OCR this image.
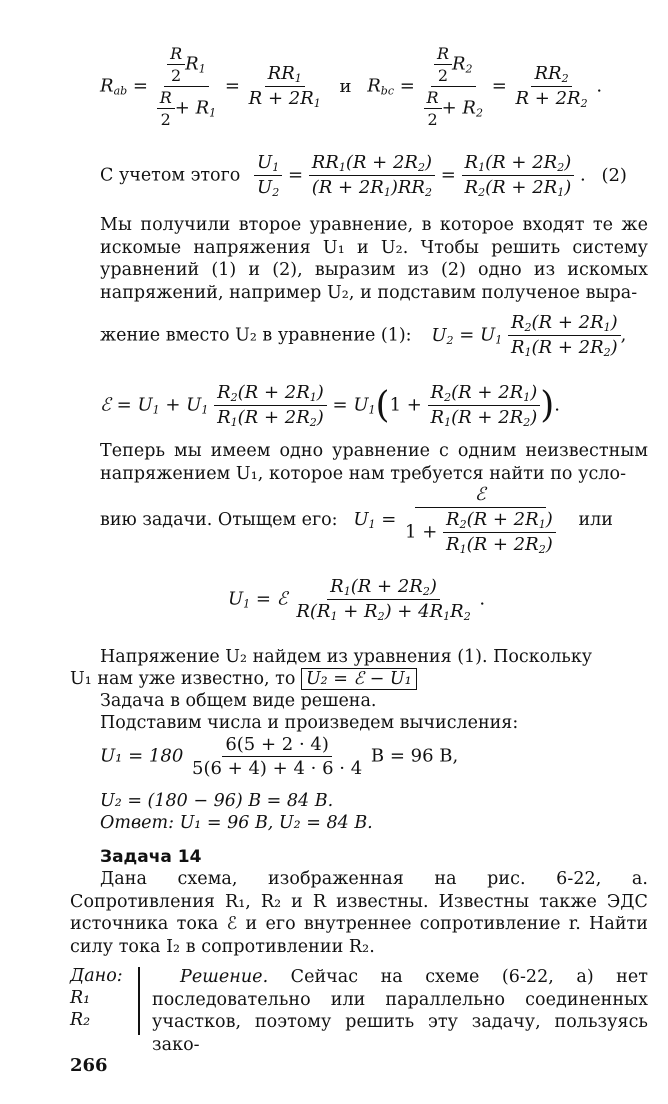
$R_{ab} = \frac{\frac{R}{2} R_1}{\frac{R}{2} + R_1} = \frac{RR_1}{R + 2R_1}$ и $R_{bc} = \frac{\frac{R}{2} R_2}{\frac{R}{2} + R_2} = \frac{RR_2}{R + 2R_2}$ .
С учетом этого $\frac{U_1}{U_2} = \frac{RR_1(R + 2R_2)}{(R + 2R_1)RR_2} = \frac{R_1(R + 2R_2)}{R_2(R + 2R_1)}$ . (2)
Мы получили второе уравнение, в которое входят те же искомые напряжения U₁ и U₂. Чтобы решить систему уравнений (1) и (2), выразим из (2) одно из искомых напряжений, например U₂, и подставим полученое выра-
жение вместо U₂ в уравнение (1): $U_2 = U_1 \frac{R_2(R + 2R_1)}{R_1(R + 2R_2)}$ ,
ℰ = $U_1 + U_1 \frac{R_2(R + 2R_1)}{R_1(R + 2R_2)} = U_1(1 + \frac{R_2(R + 2R_1)}{R_1(R + 2R_2)}$ ).
Теперь мы имеем одно уравнение с одним неизвестным напряжением U₁, которое нам требуется найти по усло-
вию задачи. Отыщем его: $U_1 = \frac{\text{ℰ}}{1 + \frac{R_2(R + 2R_1)}{R_1(R + 2R_2)}}$ или
$U_1$ = ℰ $\frac{R_1(R + 2R_2)}{R(R_1 + R_2) + 4R_1R_2}$ .
Напряжение U₂ найдем из уравнения (1). Поскольку
U₁ нам уже известно, то U₂ = ℰ − U₁
Задача в общем виде решена.
Подставим числа и произведем вычисления:
$U_1 = 180 \frac{6(5 + 2 \cdot 4)}{5(6 + 4) + 4 \cdot 6 \cdot 4}$ В = 96 В,
U₂ = (180 − 96) В = 84 В.
Ответ: U₁ = 96 В, U₂ = 84 В.
Задача 14
Дана схема, изображенная на рис. 6-22, а. Сопротивления R₁, R₂ и R известны. Известны также ЭДС источника тока ℰ и его внутреннее сопротивление r. Найти силу тока I₂ в сопротивлении R₂.
Дано:
R₁
R₂
Решение. Сейчас на схеме (6-22, а) нет последовательно или параллельно соединенных участков, поэтому решить эту задачу, пользуясь зако-
266
